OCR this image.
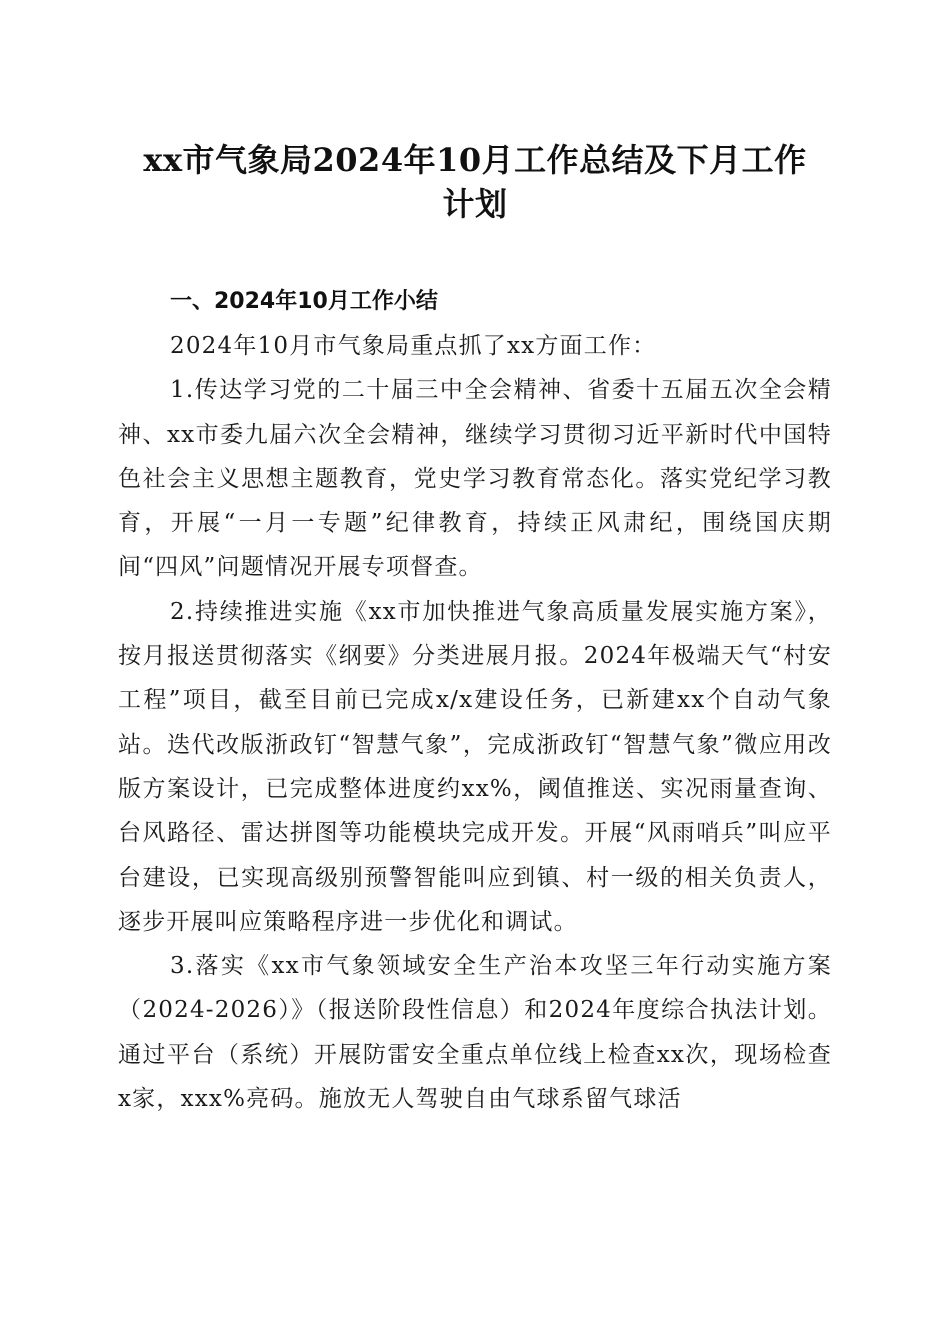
xx市气象局2024年10月工作总结及下月工作
计划
一、2024年10月工作小结

2024年10月市气象局重点抓了xx方面工作：

1.传达学习党的二十届三中全会精神、省委十五届五次全会精神、xx市委九届六次全会精神，继续学习贯彻习近平新时代中国特色社会主义思想主题教育，党史学习教育常态化。落实党纪学习教育，开展“一月一专题”纪律教育，持续正风肃纪，围绕国庆期间“四风”问题情况开展专项督查。

2.持续推进实施《xx市加快推进气象高质量发展实施方案》，按月报送贯彻落实《纲要》分类进展月报。2024年极端天气“村安工程”项目，截至目前已完成x/x建设任务，已新建xx个自动气象站。迭代改版浙政钉“智慧气象”，完成浙政钉“智慧气象”微应用改版方案设计，已完成整体进度约xx%，阈值推送、实况雨量查询、台风路径、雷达拼图等功能模块完成开发。开展“风雨哨兵”叫应平台建设，已实现高级别预警智能叫应到镇、村一级的相关负责人，逐步开展叫应策略程序进一步优化和调试。

3.落实《xx市气象领域安全生产治本攻坚三年行动实施方案（2024-2026）》（报送阶段性信息）和2024年度综合执法计划。通过平台（系统）开展防雷安全重点单位线上检查xx次，现场检查x家，xxx%亮码。施放无人驾驶自由气球系留气球活
